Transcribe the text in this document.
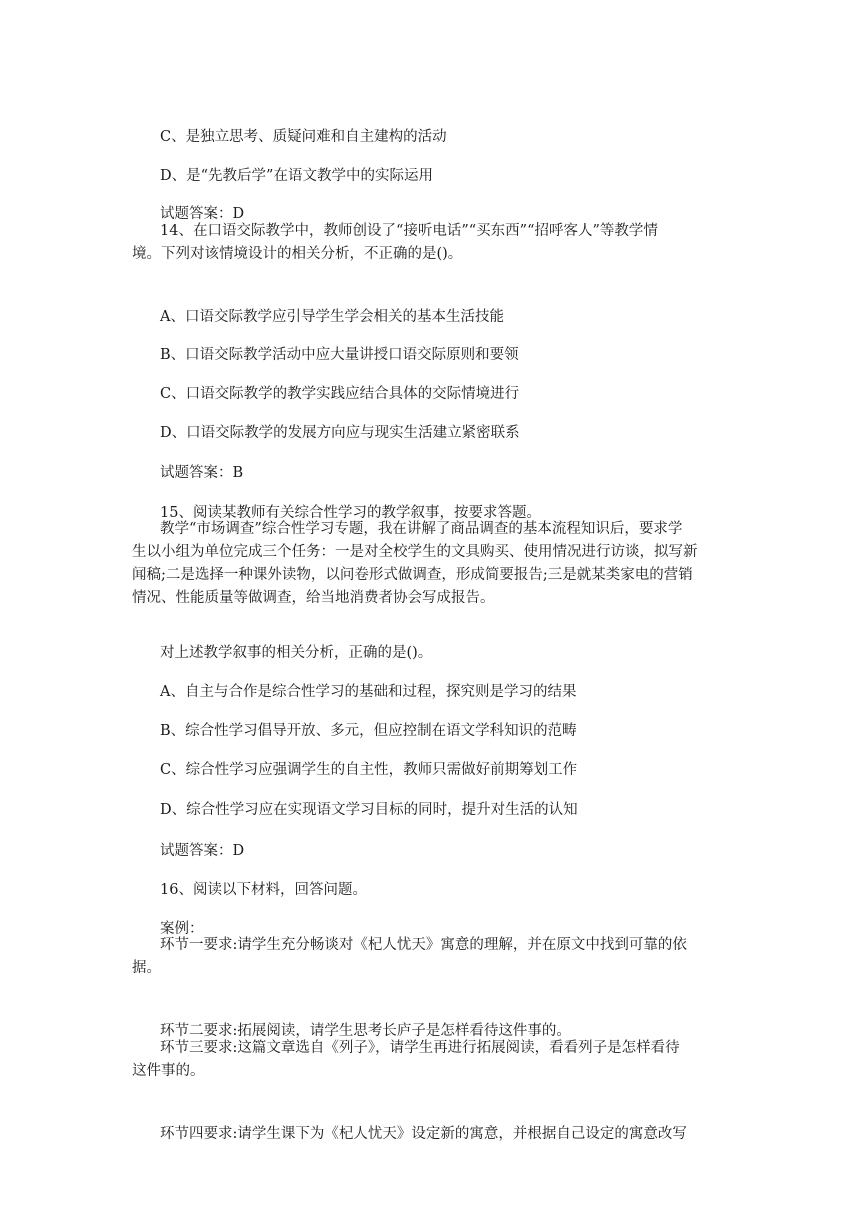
C、是独立思考、质疑问难和自主建构的活动

D、是“先教后学”在语文教学中的实际运用

试题答案：D

14、在口语交际教学中，教师创设了“接听电话”“买东西”“招呼客人”等教学情

境。下列对该情境设计的相关分析，不正确的是()。

A、口语交际教学应引导学生学会相关的基本生活技能

B、口语交际教学活动中应大量讲授口语交际原则和要领

C、口语交际教学的教学实践应结合具体的交际情境进行

D、口语交际教学的发展方向应与现实生活建立紧密联系

试题答案：B

15、阅读某教师有关综合性学习的教学叙事，按要求答题。

教学“市场调查”综合性学习专题，我在讲解了商品调查的基本流程知识后，要求学

生以小组为单位完成三个任务：一是对全校学生的文具购买、使用情况进行访谈，拟写新

闻稿;二是选择一种课外读物，以问卷形式做调查，形成简要报告;三是就某类家电的营销

情况、性能质量等做调查，给当地消费者协会写成报告。

对上述教学叙事的相关分析，正确的是()。

A、自主与合作是综合性学习的基础和过程，探究则是学习的结果

B、综合性学习倡导开放、多元，但应控制在语文学科知识的范畴

C、综合性学习应强调学生的自主性，教师只需做好前期筹划工作

D、综合性学习应在实现语文学习目标的同时，提升对生活的认知

试题答案：D

16、阅读以下材料，回答问题。

案例：

环节一要求:请学生充分畅谈对《杞人忧天》寓意的理解，并在原文中找到可靠的依

据。

环节二要求:拓展阅读，请学生思考长庐子是怎样看待这件事的。

环节三要求:这篇文章选自《列子》，请学生再进行拓展阅读，看看列子是怎样看待

这件事的。

环节四要求:请学生课下为《杞人忧天》设定新的寓意，并根据自己设定的寓意改写
